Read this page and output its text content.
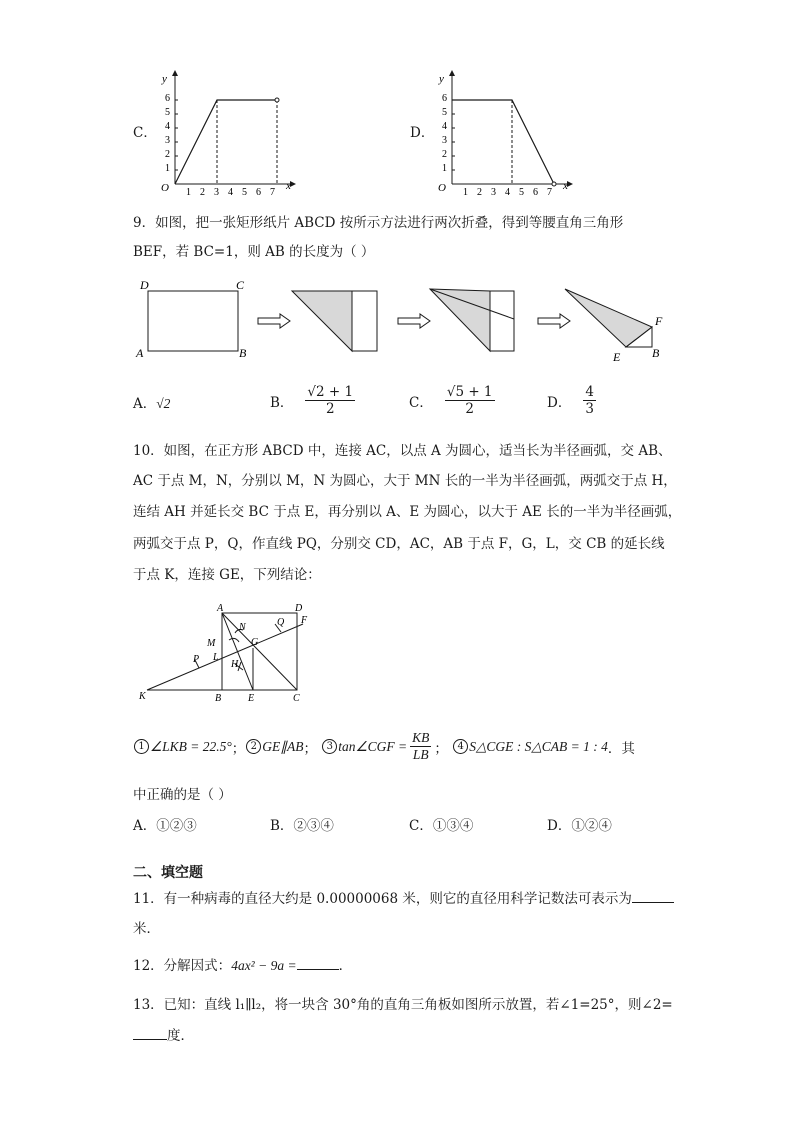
C．
y
x
O
1
2
3
4
5
6
1 2 3 4 5 6 7
D．
y
x
O
1
2
3
4
5
6
1 2 3 4 5 6 7
9．如图，把一张矩形纸片 ABCD 按所示方法进行两次折叠，得到等腰直角三角形
BEF，若 BC=1，则 AB 的长度为（ ）
D	C
A	B
F
E	B
A．√2	B． $\frac{√2 + 1}{2}$	C． $\frac{√5 + 1}{2}$	D． $\frac{4}{3}$
10．如图，在正方形 ABCD 中，连接 AC，以点 A 为圆心，适当长为半径画弧，交 AB、
AC 于点 M，N，分别以 M，N 为圆心，大于 MN 长的一半为半径画弧，两弧交于点 H，
连结 AH 并延长交 BC 于点 E，再分别以 A、E 为圆心，以大于 AE 长的一半为半径画弧，
两弧交于点 P，Q，作直线 PQ，分别交 CD，AC，AB 于点 F，G，L，交 CB 的延长线
于点 K，连接 GE，下列结论：
A	D
F
Q
N
G
M
L
P	H
K	B	E	C
1 ∠LKB = 22.5° ； 2 GE∥AB ； 3 tan∠CGF = $\frac{KB}{LB}$ ； 4 S△CGE : S△CAB = 1 : 4 ．其
中正确的是（ ）
A．①②③	B．②③④	C．①③④	D．①②④
二、填空题
11．有一种病毒的直径大约是 0.00000068 米，则它的直径用科学记数法可表示为
米．
12．分解因式：4ax² − 9a =	．
13．已知：直线 l₁∥l₂，将一块含 30°角的直角三角板如图所示放置，若∠1=25°，则∠2=
度．
